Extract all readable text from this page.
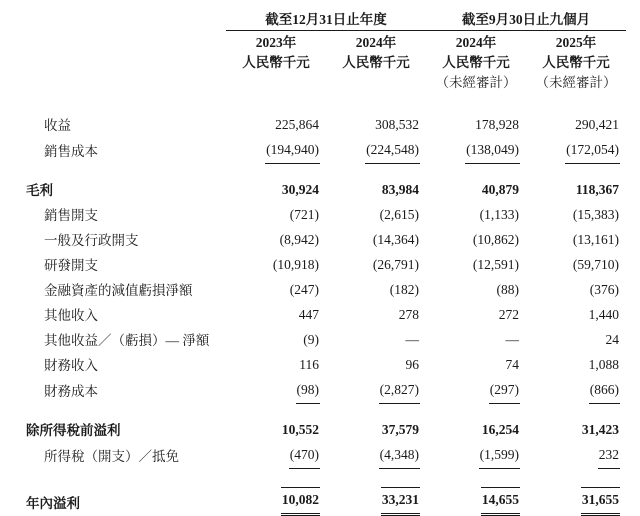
	截至12月31日止年度		截至9月30日止九個月	

	2023年	2024年	2024年	2025年
	人民幣千元	人民幣千元	人民幣千元	人民幣千元
			（未經審計）	（未經審計）

收益	225,864	308,532	178,928	290,421
銷售成本	(194,940)	(224,548)	(138,049)	(172,054)

毛利	30,924	83,984	40,879	118,367
銷售開支	(721)	(2,615)	(1,133)	(15,383)
一般及行政開支	(8,942)	(14,364)	(10,862)	(13,161)
研發開支	(10,918)	(26,791)	(12,591)	(59,710)
金融資產的減值虧損淨額	(247)	(182)	(88)	(376)
其他收入	447	278	272	1,440
其他收益／（虧損）— 淨額	(9)	—	—	24
財務收入	116	96	74	1,088
財務成本	(98)	(2,827)	(297)	(866)

除所得稅前溢利	10,552	37,579	16,254	31,423
所得稅（開支）／抵免	(470)	(4,348)	(1,599)	232

年內溢利	10,082	33,231	14,655	31,655
